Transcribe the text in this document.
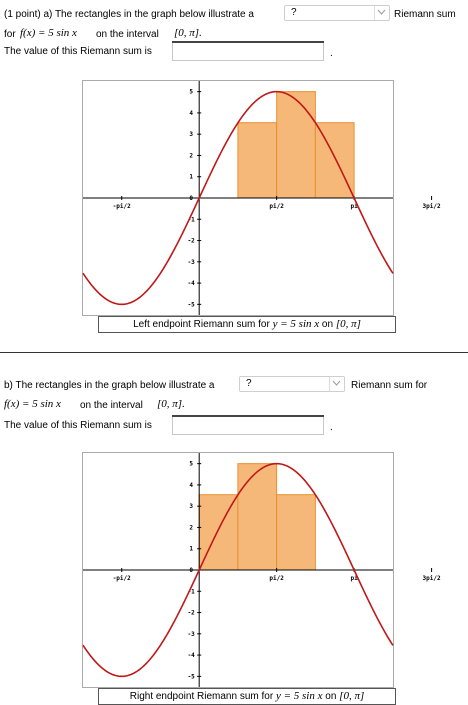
(1 point) a) The rectangles in the graph below illustrate a	?	Riemann sum
for f(x) = 5 sin x on the interval [0, π].
The value of this Riemann sum is	.
5
4
3
2
1
-1
-2
-3
-4
-5
0
-pi/2	pi/2	pi	3pi/2
Left endpoint Riemann sum for y = 5 sin x on [0, π]
b) The rectangles in the graph below illustrate a	?	Riemann sum for
f(x) = 5 sin x on the interval [0, π].
The value of this Riemann sum is	.
5
4
3
2
1
-1
-2
-3
-4
-5
0
-pi/2	pi/2	pi	3pi/2
Right endpoint Riemann sum for y = 5 sin x on [0, π]
